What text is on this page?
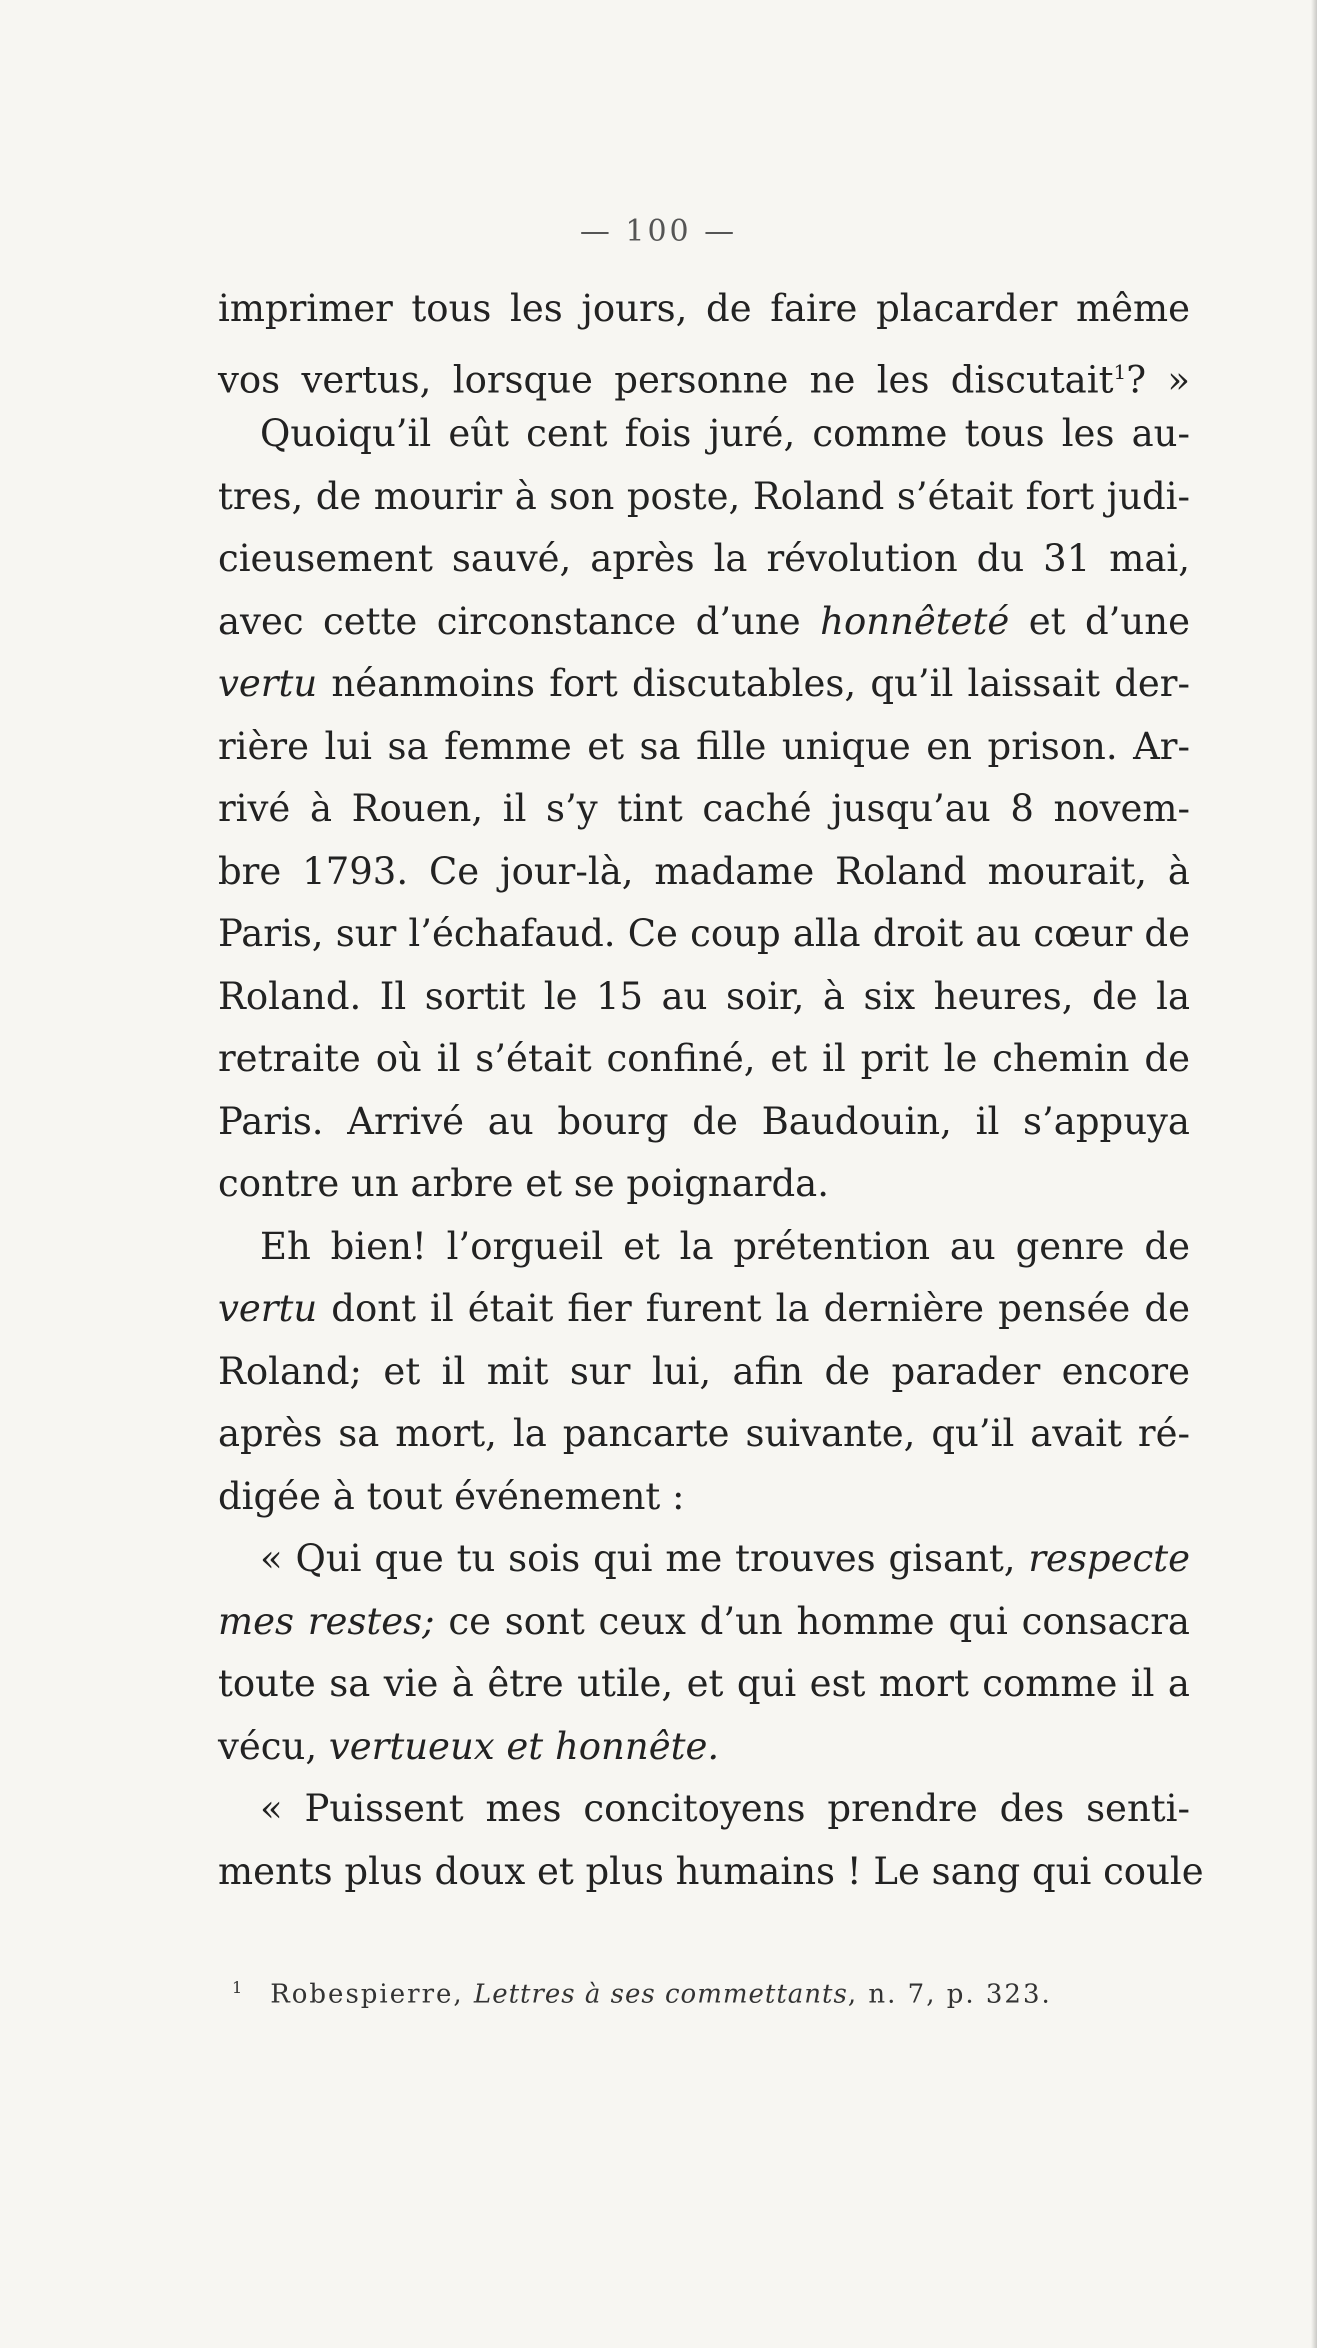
— 100 —
imprimer tous les jours, de faire placarder même
vos vertus, lorsque personne ne les discutait$^1$? »
Quoiqu’il eût cent fois juré, comme tous les au-
tres, de mourir à son poste, Roland s’était fort judi-
cieusement sauvé, après la révolution du 31 mai,
avec cette circonstance d’une honnêteté et d’une
vertu néanmoins fort discutables, qu’il laissait der-
rière lui sa femme et sa fille unique en prison. Ar-
rivé à Rouen, il s’y tint caché jusqu’au 8 novem-
bre 1793. Ce jour-là, madame Roland mourait, à
Paris, sur l’échafaud. Ce coup alla droit au cœur de
Roland. Il sortit le 15 au soir, à six heures, de la
retraite où il s’était confiné, et il prit le chemin de
Paris. Arrivé au bourg de Baudouin, il s’appuya
contre un arbre et se poignarda.
Eh bien! l’orgueil et la prétention au genre de
vertu dont il était fier furent la dernière pensée de
Roland; et il mit sur lui, afin de parader encore
après sa mort, la pancarte suivante, qu’il avait ré-
digée à tout événement :
« Qui que tu sois qui me trouves gisant, respecte
mes restes; ce sont ceux d’un homme qui consacra
toute sa vie à être utile, et qui est mort comme il a
vécu, vertueux et honnête.
« Puissent mes concitoyens prendre des senti-
ments plus doux et plus humains ! Le sang qui coule
$^1$ Robespierre, Lettres à ses commettants, n. 7, p. 323.
